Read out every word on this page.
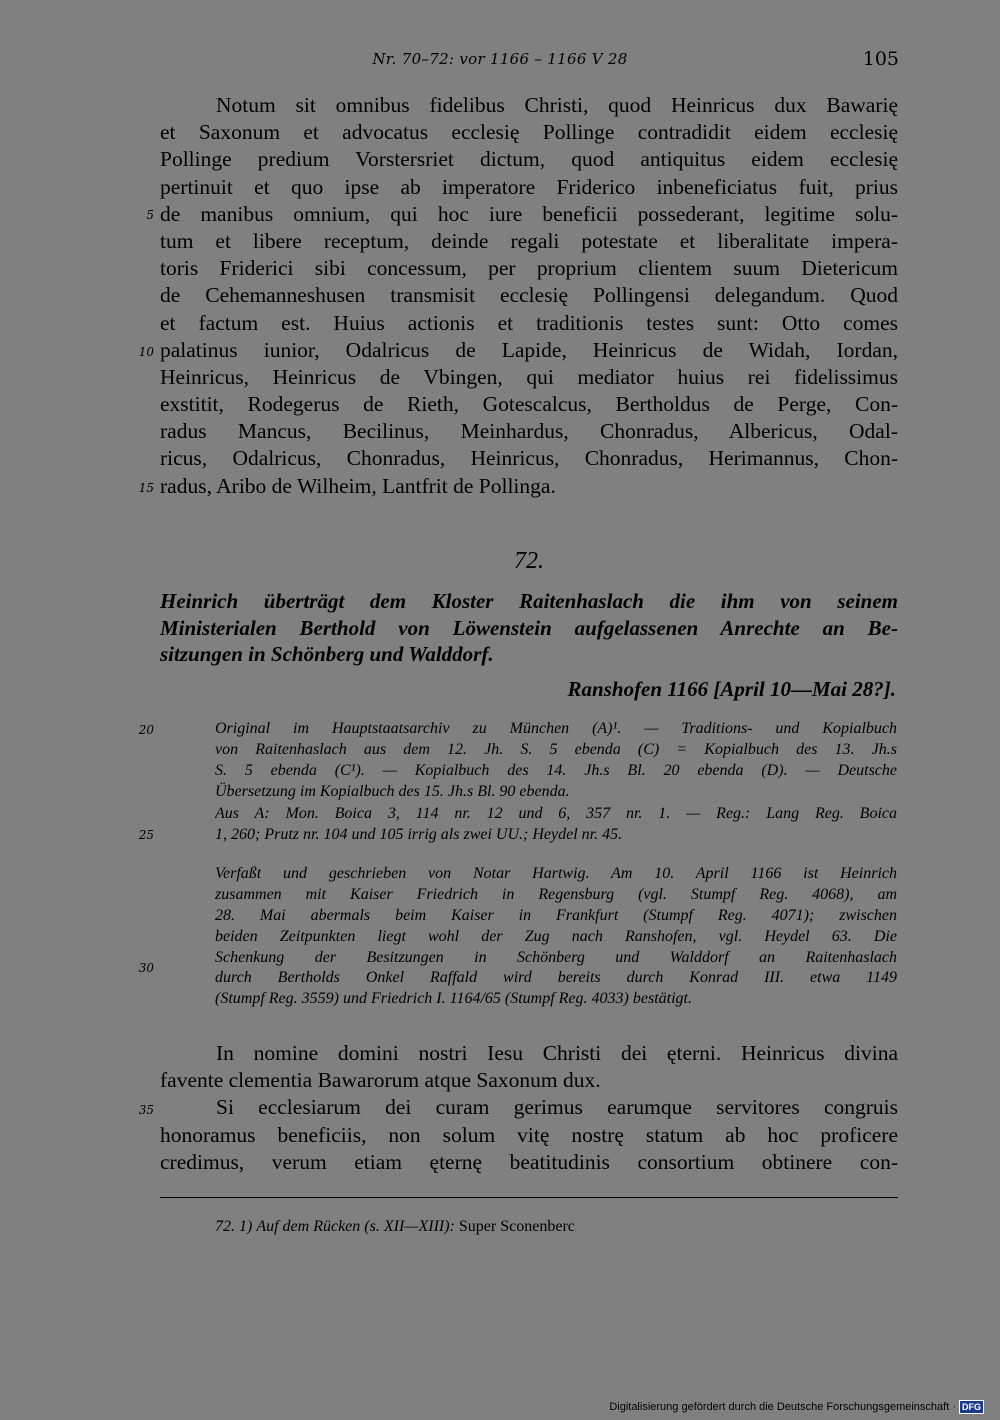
Nr. 70–72: vor 1166 – 1166 V 28	105
5
10
15
20
25
30
35
Notum sit omnibus fidelibus Christi, quod Heinricus dux Bawarię
et Saxonum et advocatus ecclesię Pollinge contradidit eidem ecclesię
Pollinge predium Vorstersriet dictum, quod antiquitus eidem ecclesię
pertinuit et quo ipse ab imperatore Friderico inbeneficiatus fuit, prius
de manibus omnium, qui hoc iure beneficii possederant, legitime solu-
tum et libere receptum, deinde regali potestate et liberalitate impera-
toris Friderici sibi concessum, per proprium clientem suum Dietericum
de Cehemanneshusen transmisit ecclesię Pollingensi delegandum. Quod
et factum est. Huius actionis et traditionis testes sunt: Otto comes
palatinus iunior, Odalricus de Lapide, Heinricus de Widah, Iordan,
Heinricus, Heinricus de Vbingen, qui mediator huius rei fidelissimus
exstitit, Rodegerus de Rieth, Gotescalcus, Bertholdus de Perge, Con-
radus Mancus, Becilinus, Meinhardus, Chonradus, Albericus, Odal-
ricus, Odalricus, Chonradus, Heinricus, Chonradus, Herimannus, Chon-
radus, Aribo de Wilheim, Lantfrit de Pollinga.
72.
Heinrich überträgt dem Kloster Raitenhaslach die ihm von seinem
Ministerialen Berthold von Löwenstein aufgelassenen Anrechte an Be-
sitzungen in Schönberg und Walddorf.
Ranshofen 1166 [April 10—Mai 28?].
Original im Hauptstaatsarchiv zu München (A)¹. — Traditions- und Kopialbuch
von Raitenhaslach aus dem 12. Jh. S. 5 ebenda (C) = Kopialbuch des 13. Jh.s
S. 5 ebenda (C¹). — Kopialbuch des 14. Jh.s Bl. 20 ebenda (D). — Deutsche
Übersetzung im Kopialbuch des 15. Jh.s Bl. 90 ebenda.
Aus A: Mon. Boica 3, 114 nr. 12 und 6, 357 nr. 1. — Reg.: Lang Reg. Boica
1, 260; Prutz nr. 104 und 105 irrig als zwei UU.; Heydel nr. 45.
Verfaßt und geschrieben von Notar Hartwig. Am 10. April 1166 ist Heinrich
zusammen mit Kaiser Friedrich in Regensburg (vgl. Stumpf Reg. 4068), am
28. Mai abermals beim Kaiser in Frankfurt (Stumpf Reg. 4071); zwischen
beiden Zeitpunkten liegt wohl der Zug nach Ranshofen, vgl. Heydel 63. Die
Schenkung der Besitzungen in Schönberg und Walddorf an Raitenhaslach
durch Bertholds Onkel Raffald wird bereits durch Konrad III. etwa 1149
(Stumpf Reg. 3559) und Friedrich I. 1164/65 (Stumpf Reg. 4033) bestätigt.
In nomine domini nostri Iesu Christi dei ęterni. Heinricus divina
favente clementia Bawarorum atque Saxonum dux.
Si ecclesiarum dei curam gerimus earumque servitores congruis
honoramus beneficiis, non solum vitę nostrę statum ab hoc proficere
credimus, verum etiam ęternę beatitudinis consortium obtinere con-
72. 1) Auf dem Rücken (s. XII—XIII): Super Sconenberc
Digitalisierung gefördert durch die Deutsche Forschungsgemeinschaft · DFG
